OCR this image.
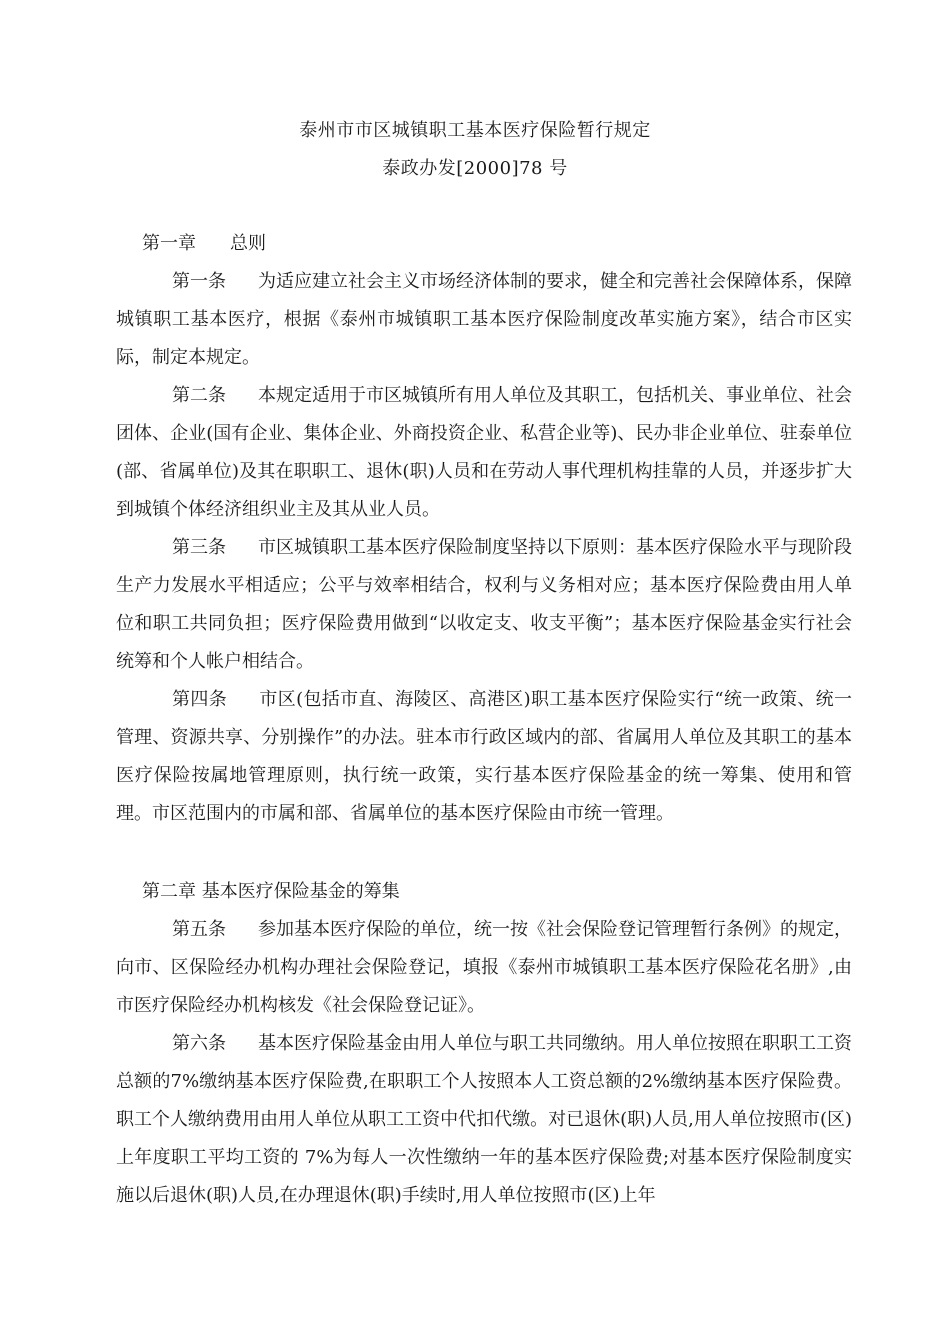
泰州市市区城镇职工基本医疗保险暂行规定
泰政办发[2000]78 号

第一章 总则

第一条 为适应建立社会主义市场经济体制的要求，健全和完善社会保障体系，保障城镇职工基本医疗，根据《泰州市城镇职工基本医疗保险制度改革实施方案》，结合市区实际，制定本规定。

第二条 本规定适用于市区城镇所有用人单位及其职工，包括机关、事业单位、社会团体、企业(国有企业、集体企业、外商投资企业、私营企业等)、民办非企业单位、驻泰单位(部、省属单位)及其在职职工、退休(职)人员和在劳动人事代理机构挂靠的人员，并逐步扩大到城镇个体经济组织业主及其从业人员。

第三条 市区城镇职工基本医疗保险制度坚持以下原则：基本医疗保险水平与现阶段生产力发展水平相适应；公平与效率相结合，权利与义务相对应；基本医疗保险费由用人单位和职工共同负担；医疗保险费用做到“以收定支、收支平衡”；基本医疗保险基金实行社会统筹和个人帐户相结合。

第四条 市区(包括市直、海陵区、高港区)职工基本医疗保险实行“统一政策、统一管理、资源共享、分别操作”的办法。驻本市行政区域内的部、省属用人单位及其职工的基本医疗保险按属地管理原则，执行统一政策，实行基本医疗保险基金的统一筹集、使用和管理。市区范围内的市属和部、省属单位的基本医疗保险由市统一管理。

第二章 基本医疗保险基金的筹集

第五条 参加基本医疗保险的单位，统一按《社会保险登记管理暂行条例》的规定，向市、区保险经办机构办理社会保险登记，填报《泰州市城镇职工基本医疗保险花名册》,由市医疗保险经办机构核发《社会保险登记证》。

第六条 基本医疗保险基金由用人单位与职工共同缴纳。用人单位按照在职职工工资总额的7%缴纳基本医疗保险费,在职职工个人按照本人工资总额的2%缴纳基本医疗保险费。职工个人缴纳费用由用人单位从职工工资中代扣代缴。对已退休(职)人员,用人单位按照市(区)上年度职工平均工资的 7%为每人一次性缴纳一年的基本医疗保险费;对基本医疗保险制度实施以后退休(职)人员,在办理退休(职)手续时,用人单位按照市(区)上年
